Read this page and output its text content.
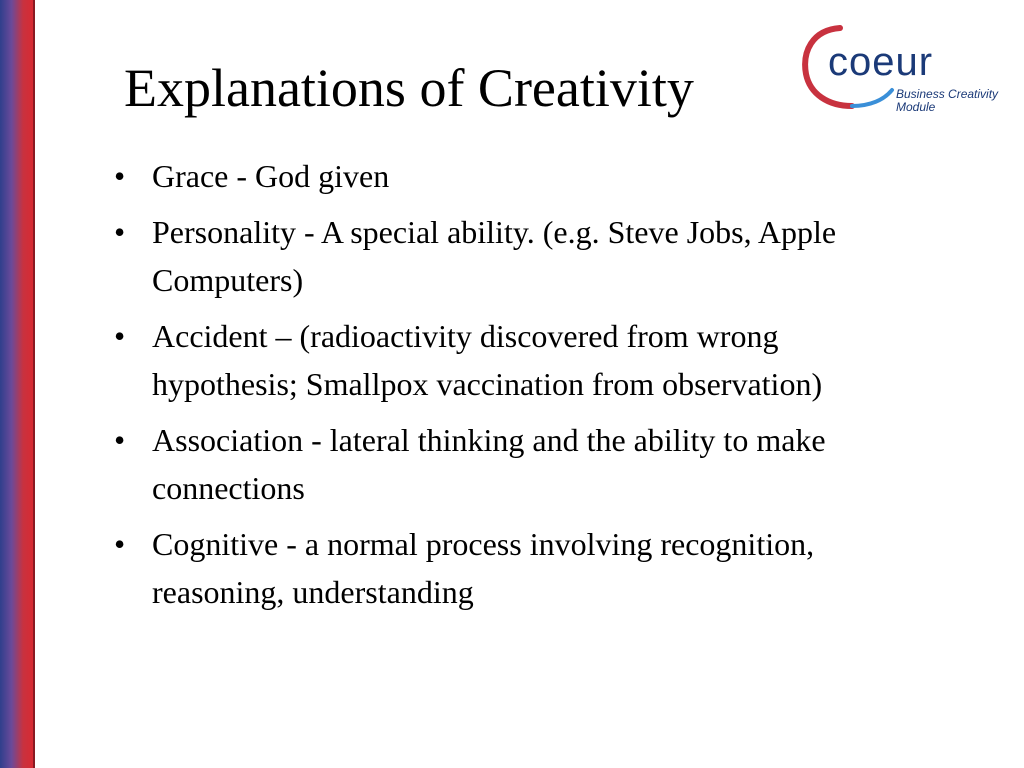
Explanations of Creativity	coeur
Business Creativity
Module
• Grace - God given
• Personality - A special ability. (e.g. Steve Jobs, Apple Computers)
• Accident – (radioactivity discovered from wrong hypothesis; Smallpox vaccination from observation)
• Association - lateral thinking and the ability to make connections
• Cognitive - a normal process involving recognition, reasoning, understanding
